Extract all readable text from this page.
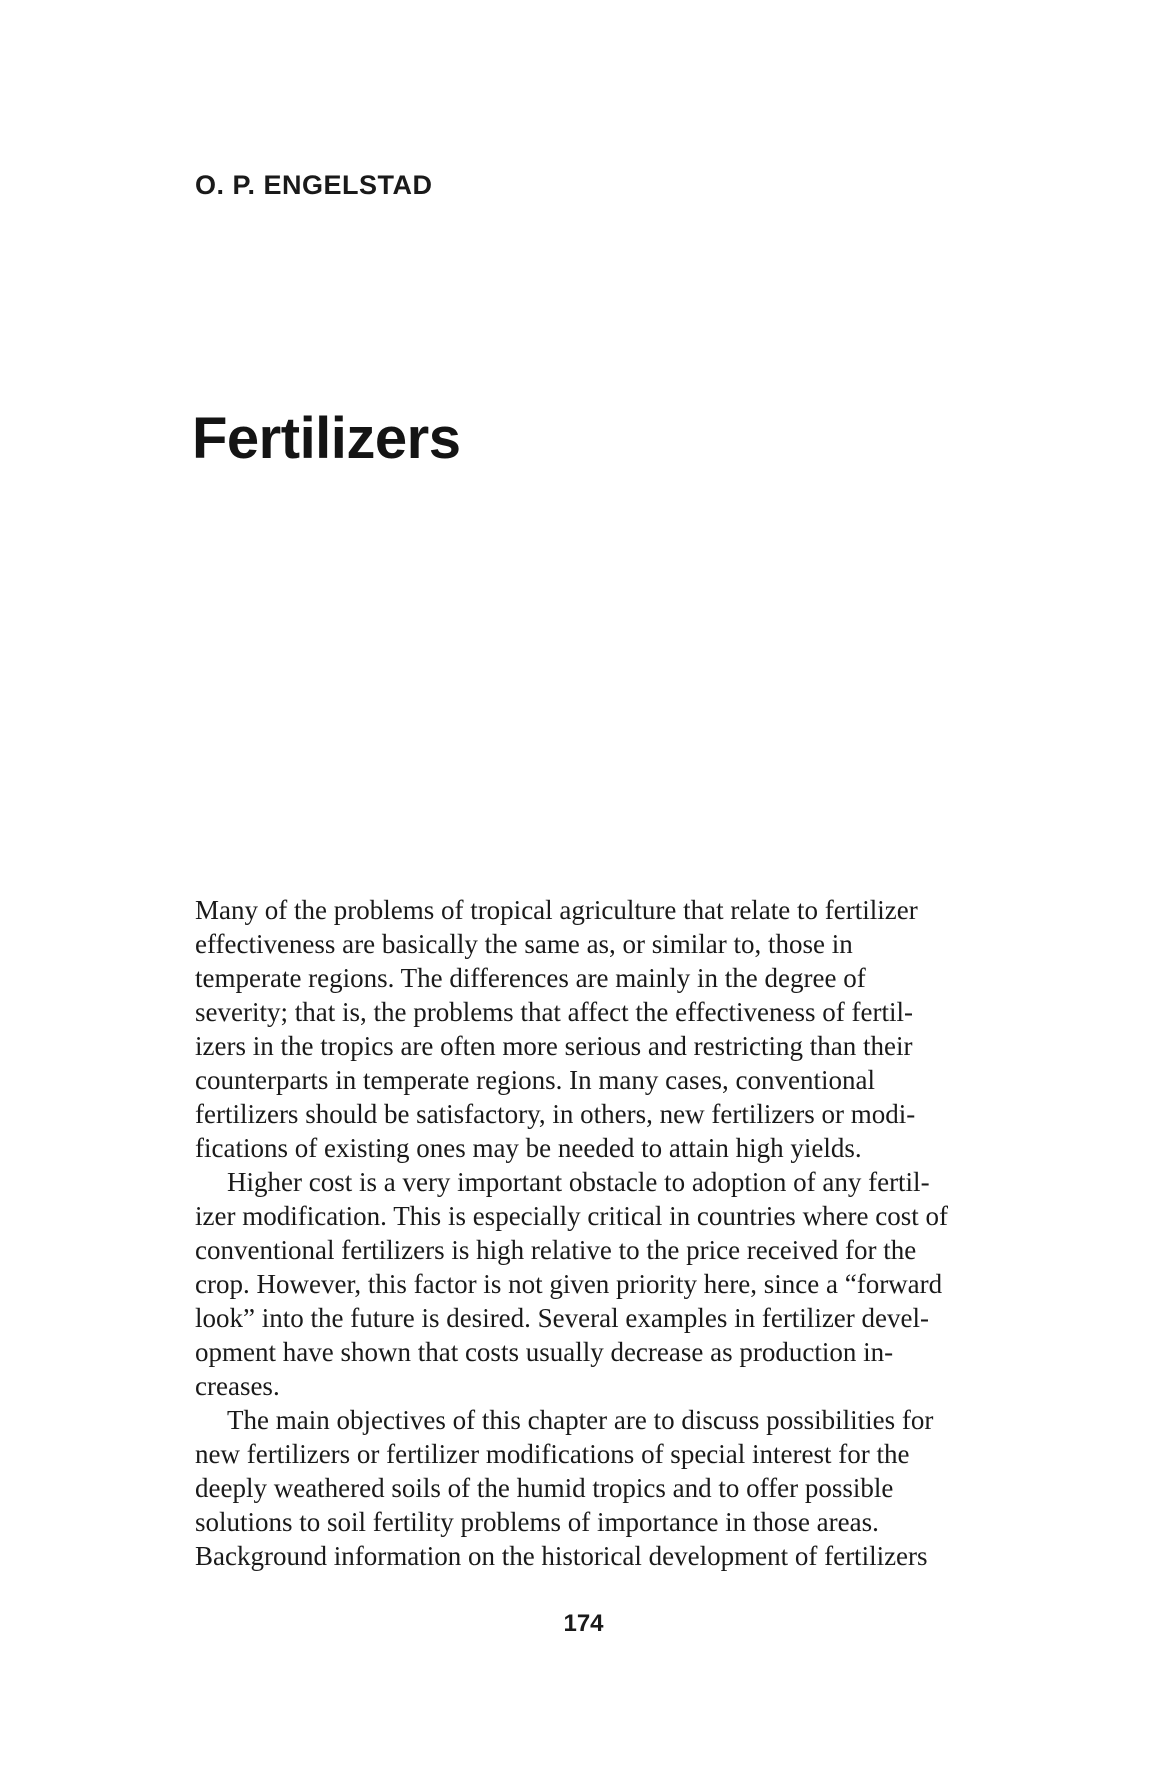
O. P. ENGELSTAD
Fertilizers
Many of the problems of tropical agriculture that relate to fertilizer
effectiveness are basically the same as, or similar to, those in
temperate regions. The differences are mainly in the degree of
severity; that is, the problems that affect the effectiveness of fertil-
izers in the tropics are often more serious and restricting than their
counterparts in temperate regions. In many cases, conventional
fertilizers should be satisfactory, in others, new fertilizers or modi-
fications of existing ones may be needed to attain high yields.
Higher cost is a very important obstacle to adoption of any fertil-
izer modification. This is especially critical in countries where cost of
conventional fertilizers is high relative to the price received for the
crop. However, this factor is not given priority here, since a “forward
look” into the future is desired. Several examples in fertilizer devel-
opment have shown that costs usually decrease as production in-
creases.
The main objectives of this chapter are to discuss possibilities for
new fertilizers or fertilizer modifications of special interest for the
deeply weathered soils of the humid tropics and to offer possible
solutions to soil fertility problems of importance in those areas.
Background information on the historical development of fertilizers
174
